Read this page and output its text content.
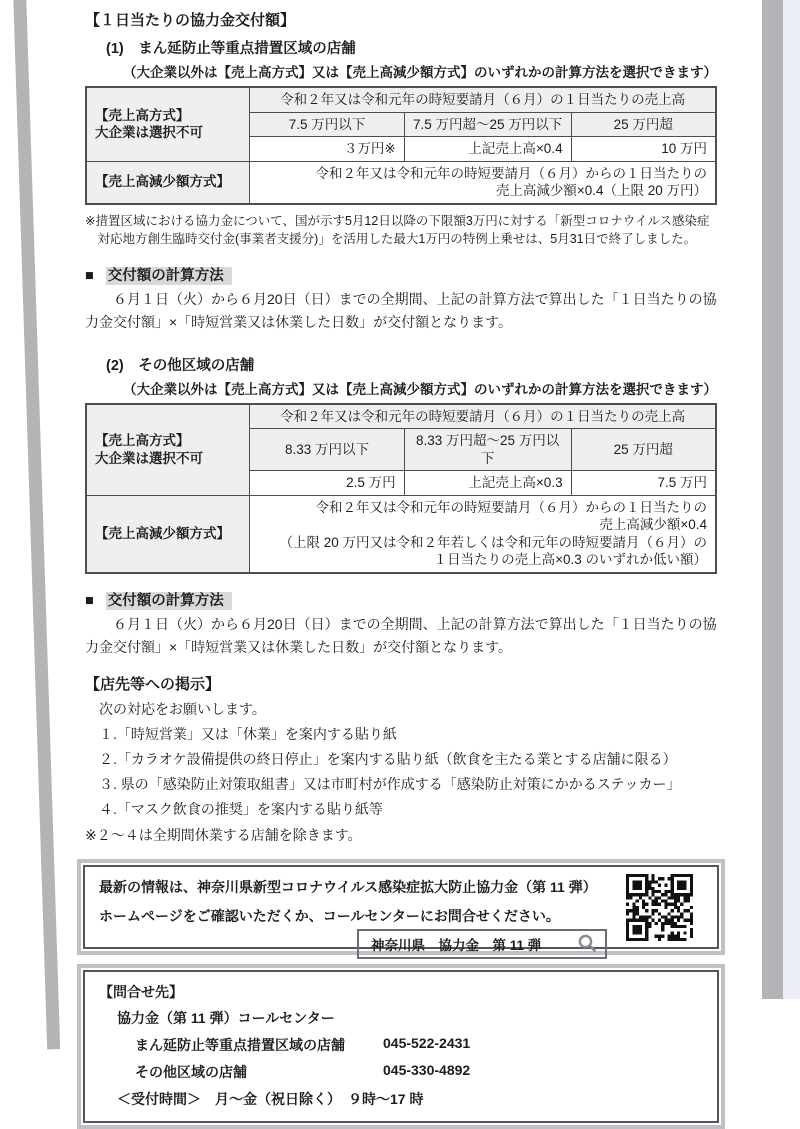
【１日当たりの協力金交付額】
(1)　まん延防止等重点措置区域の店舗
（大企業以外は【売上高方式】又は【売上高減少額方式】のいずれかの計算方法を選択できます）
【売上高方式】
大企業は選択不可	令和２年又は令和元年の時短要請月（６月）の１日当たりの売上高		
	7.5 万円以下	7.5 万円超～25 万円以下	25 万円超
	３万円※	上記売上高×0.4	10 万円
【売上高減少額方式】	令和２年又は令和元年の時短要請月（６月）からの１日当たりの
売上高減少額×0.4（上限 20 万円）		
※措置区域における協力金について、国が示す5月12日以降の下限額3万円に対する「新型コロナウイルス感染症対応地方創生臨時交付金(事業者支援分)」を活用した最大1万円の特例上乗せは、5月31日で終了しました。
■ 交付額の計算方法
６月１日（火）から６月20日（日）までの全期間、上記の計算方法で算出した「１日当たりの協力金交付額」×「時短営業又は休業した日数」が交付額となります。
(2)　その他区域の店舗
（大企業以外は【売上高方式】又は【売上高減少額方式】のいずれかの計算方法を選択できます）
【売上高方式】
大企業は選択不可	令和２年又は令和元年の時短要請月（６月）の１日当たりの売上高		
	8.33 万円以下	8.33 万円超～25 万円以下	25 万円超
	2.5 万円	上記売上高×0.3	7.5 万円
【売上高減少額方式】	令和２年又は令和元年の時短要請月（６月）からの１日当たりの
売上高減少額×0.4
（上限 20 万円又は令和２年若しくは令和元年の時短要請月（６月）の
１日当たりの売上高×0.3 のいずれか低い額）		
■ 交付額の計算方法
６月１日（火）から６月20日（日）までの全期間、上記の計算方法で算出した「１日当たりの協力金交付額」×「時短営業又は休業した日数」が交付額となります。
【店先等への掲示】
次の対応をお願いします。
１.「時短営業」又は「休業」を案内する貼り紙
２.「カラオケ設備提供の終日停止」を案内する貼り紙（飲食を主たる業とする店舗に限る）
３. 県の「感染防止対策取組書」又は市町村が作成する「感染防止対策にかかるステッカー」
４.「マスク飲食の推奨」を案内する貼り紙等
※２～４は全期間休業する店舗を除きます。
最新の情報は、神奈川県新型コロナウイルス感染症拡大防止協力金（第 11 弾）
ホームページをご確認いただくか、コールセンターにお問合せください。
神奈川県　協力金　第 11 弾
【問合せ先】
協力金（第 11 弾）コールセンター
まん延防止等重点措置区域の店舗	045-522-2431
その他区域の店舗	045-330-4892
＜受付時間＞　月～金（祝日除く）　９時～17 時
